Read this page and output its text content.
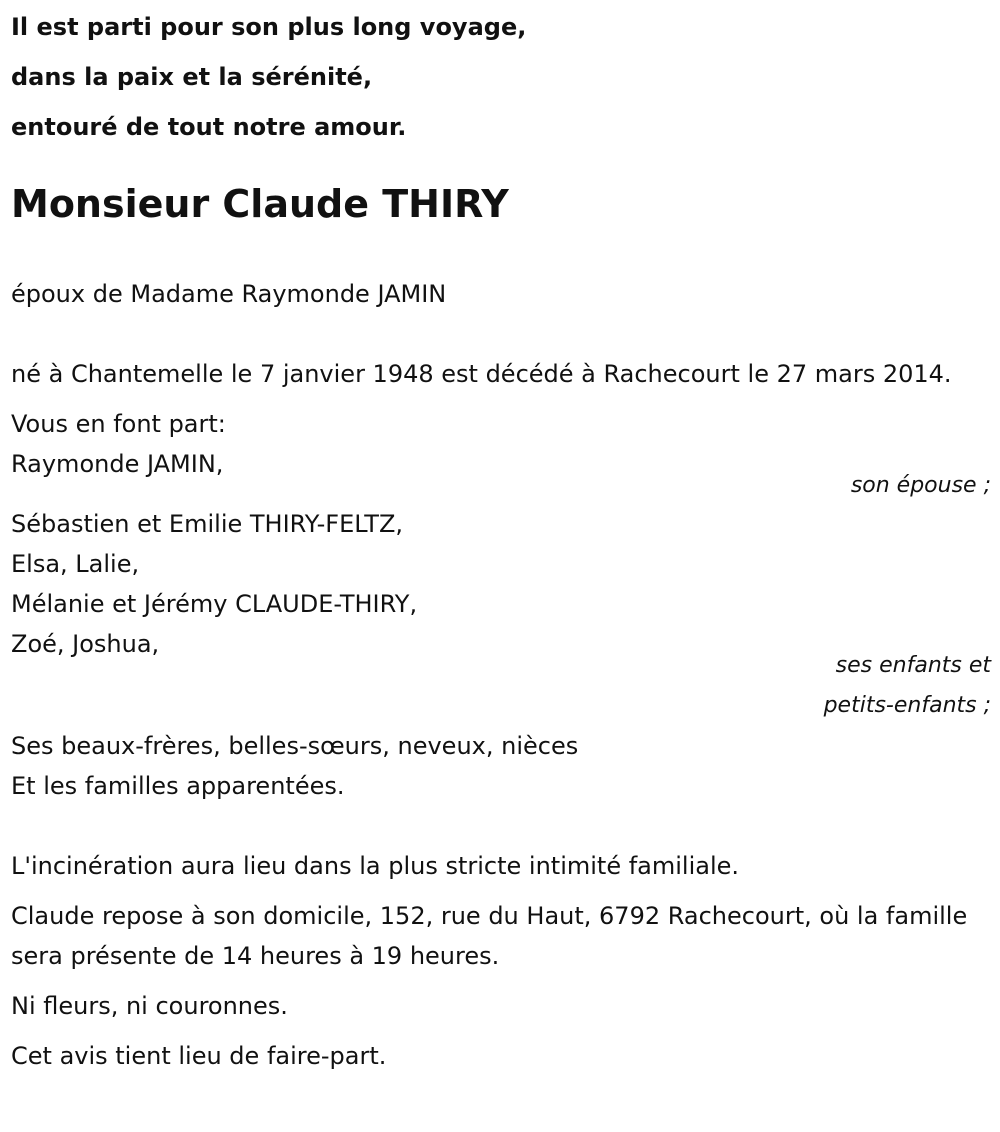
Il est parti pour son plus long voyage,
dans la paix et la sérénité,
entouré de tout notre amour.
Monsieur Claude THIRY
époux de Madame Raymonde JAMIN
né à Chantemelle le 7 janvier 1948 est décédé à Rachecourt le 27 mars 2014.
Vous en font part:
Raymonde JAMIN,
son épouse ;
Sébastien et Emilie THIRY-FELTZ,
Elsa, Lalie,
Mélanie et Jérémy CLAUDE-THIRY,
Zoé, Joshua,
ses enfants et
petits-enfants ;
Ses beaux-frères, belles-sœurs, neveux, nièces
Et les familles apparentées.
L'incinération aura lieu dans la plus stricte intimité familiale.
Claude repose à son domicile, 152, rue du Haut, 6792 Rachecourt, où la famille sera présente de 14 heures à 19 heures.
Ni fleurs, ni couronnes.
Cet avis tient lieu de faire-part.
